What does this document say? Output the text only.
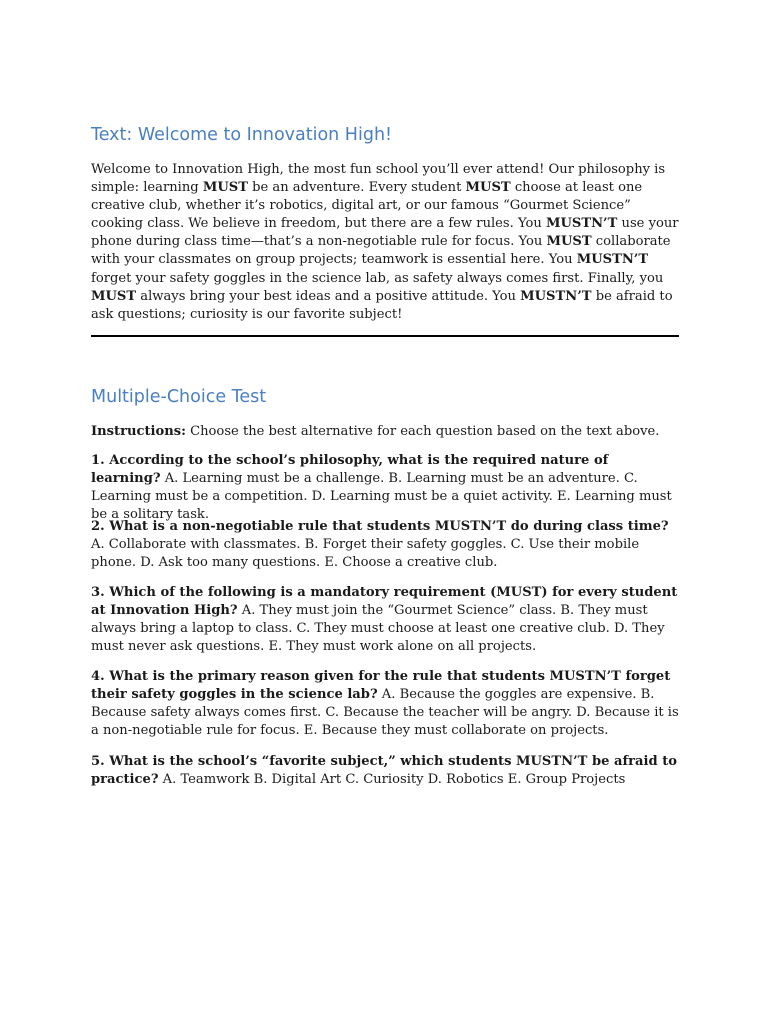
Text: Welcome to Innovation High!

Welcome to Innovation High, the most fun school you’ll ever attend! Our philosophy is simple: learning MUST be an adventure. Every student MUST choose at least one creative club, whether it’s robotics, digital art, or our famous “Gourmet Science” cooking class. We believe in freedom, but there are a few rules. You MUSTN’T use your phone during class time—that’s a non-negotiable rule for focus. You MUST collaborate with your classmates on group projects; teamwork is essential here. You MUSTN’T forget your safety goggles in the science lab, as safety always comes first. Finally, you MUST always bring your best ideas and a positive attitude. You MUSTN’T be afraid to ask questions; curiosity is our favorite subject!

Multiple-Choice Test

Instructions: Choose the best alternative for each question based on the text above.

1. According to the school’s philosophy, what is the required nature of learning? A. Learning must be a challenge. B. Learning must be an adventure. C. Learning must be a competition. D. Learning must be a quiet activity. E. Learning must be a solitary task.

2. What is a non-negotiable rule that students MUSTN’T do during class time? A. Collaborate with classmates. B. Forget their safety goggles. C. Use their mobile phone. D. Ask too many questions. E. Choose a creative club.

3. Which of the following is a mandatory requirement (MUST) for every student at Innovation High? A. They must join the “Gourmet Science” class. B. They must always bring a laptop to class. C. They must choose at least one creative club. D. They must never ask questions. E. They must work alone on all projects.

4. What is the primary reason given for the rule that students MUSTN’T forget their safety goggles in the science lab? A. Because the goggles are expensive. B. Because safety always comes first. C. Because the teacher will be angry. D. Because it is a non-negotiable rule for focus. E. Because they must collaborate on projects.

5. What is the school’s “favorite subject,” which students MUSTN’T be afraid to practice? A. Teamwork B. Digital Art C. Curiosity D. Robotics E. Group Projects
